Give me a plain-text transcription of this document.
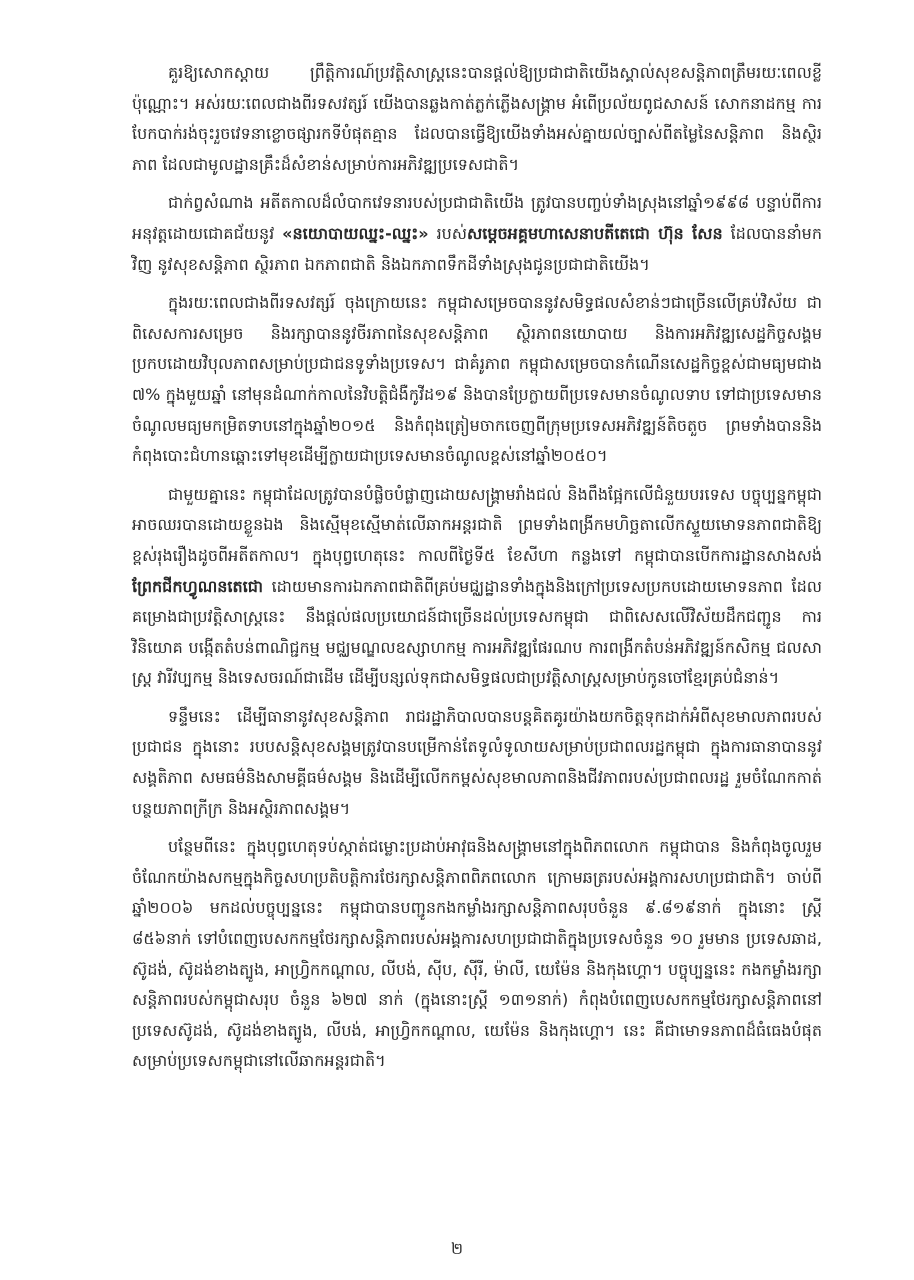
គួរឱ្យសោកស្ដាយ ព្រឹត្តិការណ៍ប្រវត្តិសាស្ត្រនេះបានផ្ដល់ឱ្យប្រជាជាតិយើងស្គាល់សុខសន្តិភាពត្រឹមរយៈពេលខ្លីប៉ុណ្ណោះ។ អស់រយៈពេលជាងពីរទសវត្សរ៍ យើងបានឆ្លងកាត់ភ្លក់ភ្លើងសង្គ្រាម អំពើប្រល័យពូជសាសន៍ សោកនាដកម្ម ការបែកបាក់រង់ចុះរួចវេទនាខ្លោចផ្សារកទីបំផុតគ្មាន ដែលបានធ្វើឱ្យយើងទាំងអស់គ្នាយល់ច្បាស់ពីតម្លៃនៃសន្តិភាព និងស្ថិរភាព ដែលជាមូលដ្ឋានគ្រឹះដ៏សំខាន់សម្រាប់ការអភិវឌ្ឍប្រទេសជាតិ។

ជាក់ព្វសំណាង អតីតកាលដ៏លំបាកវេទនារបស់ប្រជាជាតិយើង ត្រូវបានបញ្ចប់ទាំងស្រុងនៅឆ្នាំ១៩៩៨ បន្ទាប់ពីការអនុវត្តដោយជោគជ័យនូវ «នយោបាយឈ្នះ-ឈ្នះ» របស់សម្ដេចអគ្គមហាសេនាបតីតេជោ ហ៊ុន សែន ដែលបាននាំមកវិញ នូវសុខសន្តិភាព ស្ថិរភាព ឯកភាពជាតិ និងឯកភាពទឹកដីទាំងស្រុងជូនប្រជាជាតិយើង។

ក្នុងរយៈពេលជាងពីរទសវត្សរ៍ ចុងក្រោយនេះ កម្ពុជាសម្រេចបាននូវសមិទ្ធផលសំខាន់ៗជាច្រើនលើគ្រប់វិស័យ ជាពិសេសការសម្រេច និងរក្សាបាននូវចីរភាពនៃសុខសន្តិភាព ស្ថិរភាពនយោបាយ និងការអភិវឌ្ឍសេដ្ឋកិច្ចសង្គម ប្រកបដោយវិបុលភាពសម្រាប់ប្រជាជនទូទាំងប្រទេស។ ជាគំរូភាព កម្ពុជាសម្រេចបានកំណើនសេដ្ឋកិច្ចខ្ពស់ជាមធ្យមជាង ៧% ក្នុងមួយឆ្នាំ នៅមុនដំណាក់កាលនៃវិបត្តិជំងឺកូវីដ១៩ និងបានប្រែក្លាយពីប្រទេសមានចំណូលទាប ទៅជាប្រទេសមានចំណូលមធ្យមកម្រិតទាបនៅក្នុងឆ្នាំ២០១៥ និងកំពុងត្រៀមចាកចេញពីក្រុមប្រទេសអភិវឌ្ឍន៍តិចតួច ព្រមទាំងបាននិងកំពុងបោះជំហានឆ្ពោះទៅមុខដើម្បីក្លាយជាប្រទេសមានចំណូលខ្ពស់នៅឆ្នាំ២០៥០។

ជាមួយគ្នានេះ កម្ពុជាដែលត្រូវបានបំផ្លិចបំផ្លាញដោយសង្គ្រាមរាំងជល់ និងពឹងផ្អែកលើជំនួយបរទេស បច្ចុប្បន្នកម្ពុជាអាចឈរបានដោយខ្លួនឯង និងស្មើមុខស្មើមាត់លើឆាកអន្តរជាតិ ព្រមទាំងពង្រីកមហិច្ឆតាលើកស្ទួយមោទនភាពជាតិឱ្យខ្ពស់រុងរឿងដូចពីអតីតកាល។ ក្នុងបុព្វហេតុនេះ កាលពីថ្ងៃទី៥ ខែសីហា កន្លងទៅ កម្ពុជាបានបើកការដ្ឋានសាងសង់ព្រែកជីកហ្វូណនតេជោ ដោយមានការឯកភាពជាតិពីគ្រប់មជ្ឈដ្ឋានទាំងក្នុងនិងក្រៅប្រទេសប្រកបដោយមោទនភាព ដែលគម្រោងជាប្រវត្តិសាស្ត្រនេះ នឹងផ្តល់ផលប្រយោជន៍ជាច្រើនដល់ប្រទេសកម្ពុជា ជាពិសេសលើវិស័យដឹកជញ្ជូន ការវិនិយោគ បង្កើតតំបន់ពាណិជ្ជកម្ម មជ្ឈមណ្ឌលឧស្សាហកម្ម ការអភិវឌ្ឍផែរណប ការពង្រីកតំបន់អភិវឌ្ឍន៍កសិកម្ម ជលសាស្ត្រ វារីវប្បកម្ម និងទេសចរណ៍ជាដើម ដើម្បីបន្សល់ទុកជាសមិទ្ធផលជាប្រវត្តិសាស្ត្រសម្រាប់កូនចៅខ្មែរគ្រប់ជំនាន់។

ទន្ទឹមនេះ ដើម្បីធានានូវសុខសន្តិភាព រាជរដ្ឋាភិបាលបានបន្តគិតគូរយ៉ាងយកចិត្តទុកដាក់អំពីសុខមាលភាពរបស់ប្រជាជន ក្នុងនោះ របបសន្តិសុខសង្គមត្រូវបានបម្រើកាន់តែទូលំទូលាយសម្រាប់ប្រជាពលរដ្ឋកម្ពុជា ក្នុងការធានាបាននូវសង្គតិភាព សមធម៌និងសាមគ្គីធម៌សង្គម និងដើម្បីលើកកម្ពស់សុខមាលភាពនិងជីវភាពរបស់ប្រជាពលរដ្ឋ រួមចំណែកកាត់បន្ថយភាពក្រីក្រ និងអស្ថិរភាពសង្គម។

បន្ថែមពីនេះ ក្នុងបុព្វហេតុទប់ស្កាត់ជម្លោះប្រដាប់អាវុធនិងសង្គ្រាមនៅក្នុងពិភពលោក កម្ពុជាបាន និងកំពុងចូលរួមចំណែកយ៉ាងសកម្មក្នុងកិច្ចសហប្រតិបត្តិការថែរក្សាសន្តិភាពពិភពលោក ក្រោមឆត្ររបស់អង្គការសហប្រជាជាតិ។ ចាប់ពីឆ្នាំ២០០៦ មកដល់បច្ចុប្បន្ននេះ កម្ពុជាបានបញ្ជូនកងកម្លាំងរក្សាសន្តិភាពសរុបចំនួន ៩.៨១៩នាក់ ក្នុងនោះ ស្ត្រី ៨៥៦នាក់ ទៅបំពេញបេសកកម្មថែរក្សាសន្តិភាពរបស់អង្គការសហប្រជាជាតិក្នុងប្រទេសចំនួន ១០ រួមមាន ប្រទេសឆាដ, ស៊ូដង់, ស៊ូដង់ខាងត្បូង, អាហ្វ្រិកកណ្ដាល, លីបង់, ស៊ីប, ស៊ីរី, ម៉ាលី, យេម៉ែន និងកុងហ្គោ។ បច្ចុប្បន្ននេះ កងកម្លាំងរក្សាសន្តិភាពរបស់កម្ពុជាសរុប ចំនួន ៦២៧ នាក់ (ក្នុងនោះស្ត្រី ១៣១នាក់) កំពុងបំពេញបេសកកម្មថែរក្សាសន្តិភាពនៅប្រទេសស៊ូដង់, ស៊ូដង់ខាងត្បូង, លីបង់, អាហ្វ្រិកកណ្ដាល, យេម៉ែន និងកុងហ្គោ។ នេះ គឺជាមោទនភាពដ៏ធំធេងបំផុតសម្រាប់ប្រទេសកម្ពុជានៅលើឆាកអន្តរជាតិ។

២
